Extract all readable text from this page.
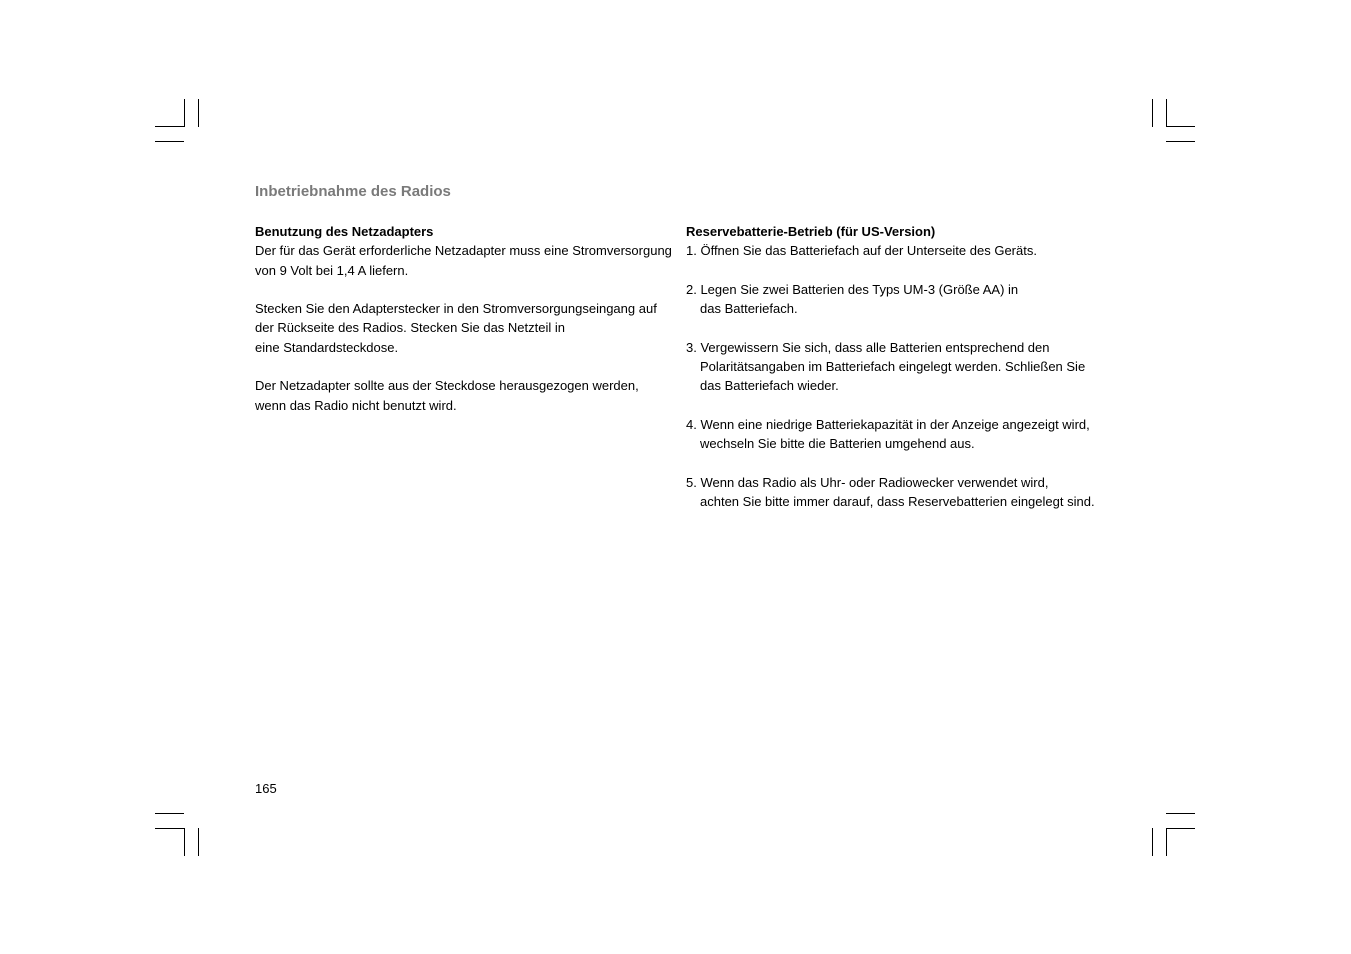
Inbetriebnahme des Radios
Benutzung des Netzadapters
Der für das Gerät erforderliche Netzadapter muss eine Stromversorgung
von 9 Volt bei 1,4 A liefern.
Stecken Sie den Adapterstecker in den Stromversorgungseingang auf
der Rückseite des Radios. Stecken Sie das Netzteil in
eine Standardsteckdose.
Der Netzadapter sollte aus der Steckdose herausgezogen werden,
wenn das Radio nicht benutzt wird.
Reservebatterie-Betrieb (für US-Version)
1. Öffnen Sie das Batteriefach auf der Unterseite des Geräts.
2. Legen Sie zwei Batterien des Typs UM-3 (Größe AA) in
das Batteriefach.
3. Vergewissern Sie sich, dass alle Batterien entsprechend den
Polaritätsangaben im Batteriefach eingelegt werden. Schließen Sie
das Batteriefach wieder.
4. Wenn eine niedrige Batteriekapazität in der Anzeige angezeigt wird,
wechseln Sie bitte die Batterien umgehend aus.
5. Wenn das Radio als Uhr- oder Radiowecker verwendet wird,
achten Sie bitte immer darauf, dass Reservebatterien eingelegt sind.
165
